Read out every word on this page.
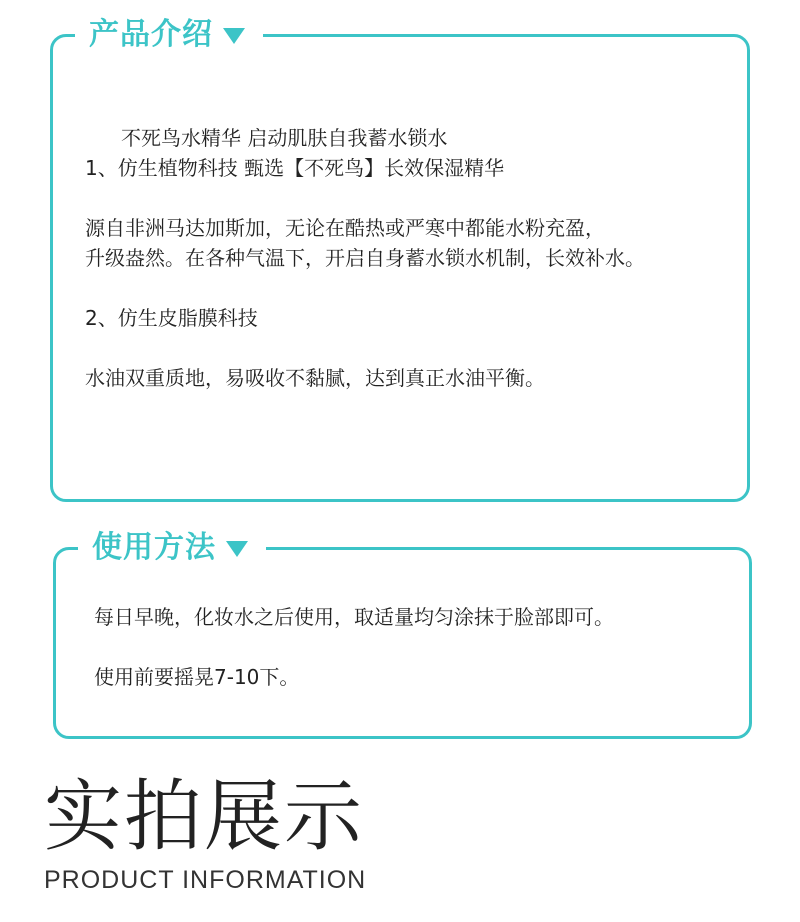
产品介绍

不死鸟水精华 启动肌肤自我蓄水锁水

1、仿生植物科技 甄选【不死鸟】长效保湿精华

源自非洲马达加斯加，无论在酷热或严寒中都能水粉充盈，

升级盎然。在各种气温下，开启自身蓄水锁水机制，长效补水。

2、仿生皮脂膜科技

水油双重质地，易吸收不黏腻，达到真正水油平衡。

使用方法

每日早晚，化妆水之后使用，取适量均匀涂抹于脸部即可。

使用前要摇晃7-10下。

实拍展示
PRODUCT INFORMATION
